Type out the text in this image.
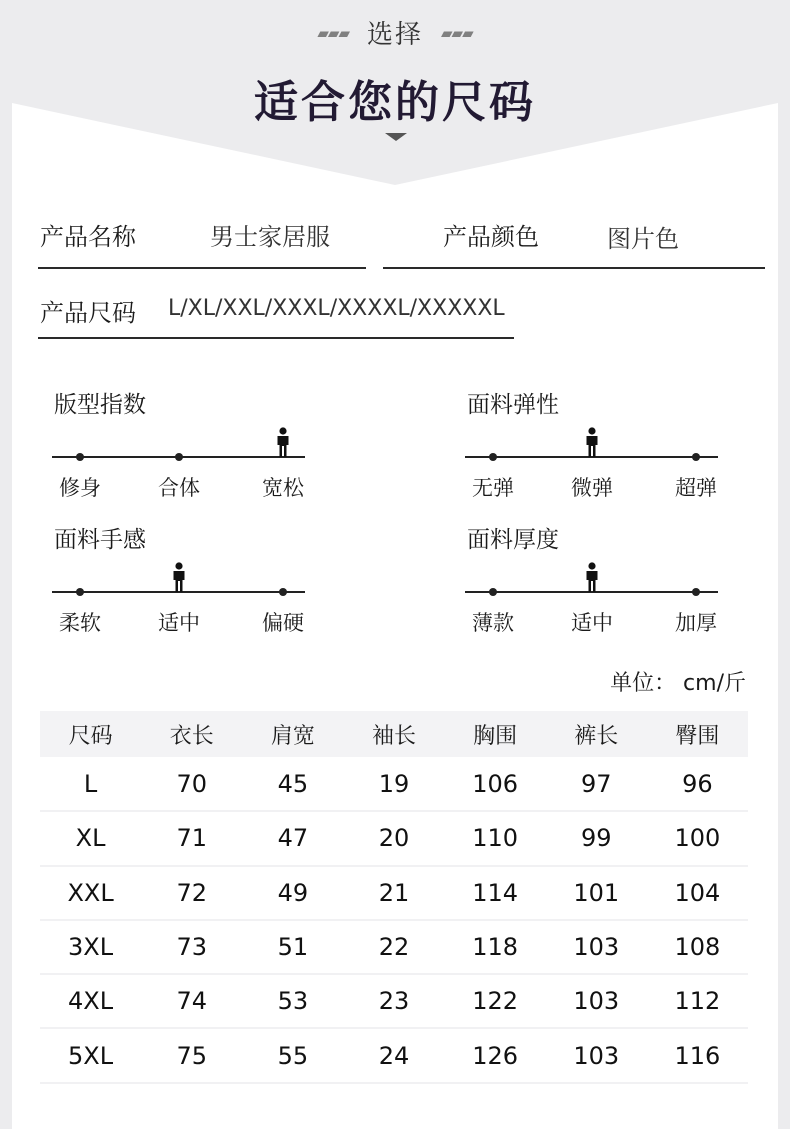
▰▰▰ 选择 ▰▰▰
适合您的尺码
产品名称	男士家居服	产品颜色	图片色
产品尺码 L/XL/XXL/XXXL/XXXXL/XXXXXL
版型指数
修身	合体	宽松
面料弹性
无弹	微弹	超弹
面料手感
柔软	适中	偏硬
面料厚度
薄款	适中	加厚
单位： cm/斤
尺码	衣长	肩宽	袖长	胸围	裤长	臀围
L	70	45	19	106	97	96
XL	71	47	20	110	99	100
XXL	72	49	21	114	101	104
3XL	73	51	22	118	103	108
4XL	74	53	23	122	103	112
5XL	75	55	24	126	103	116
